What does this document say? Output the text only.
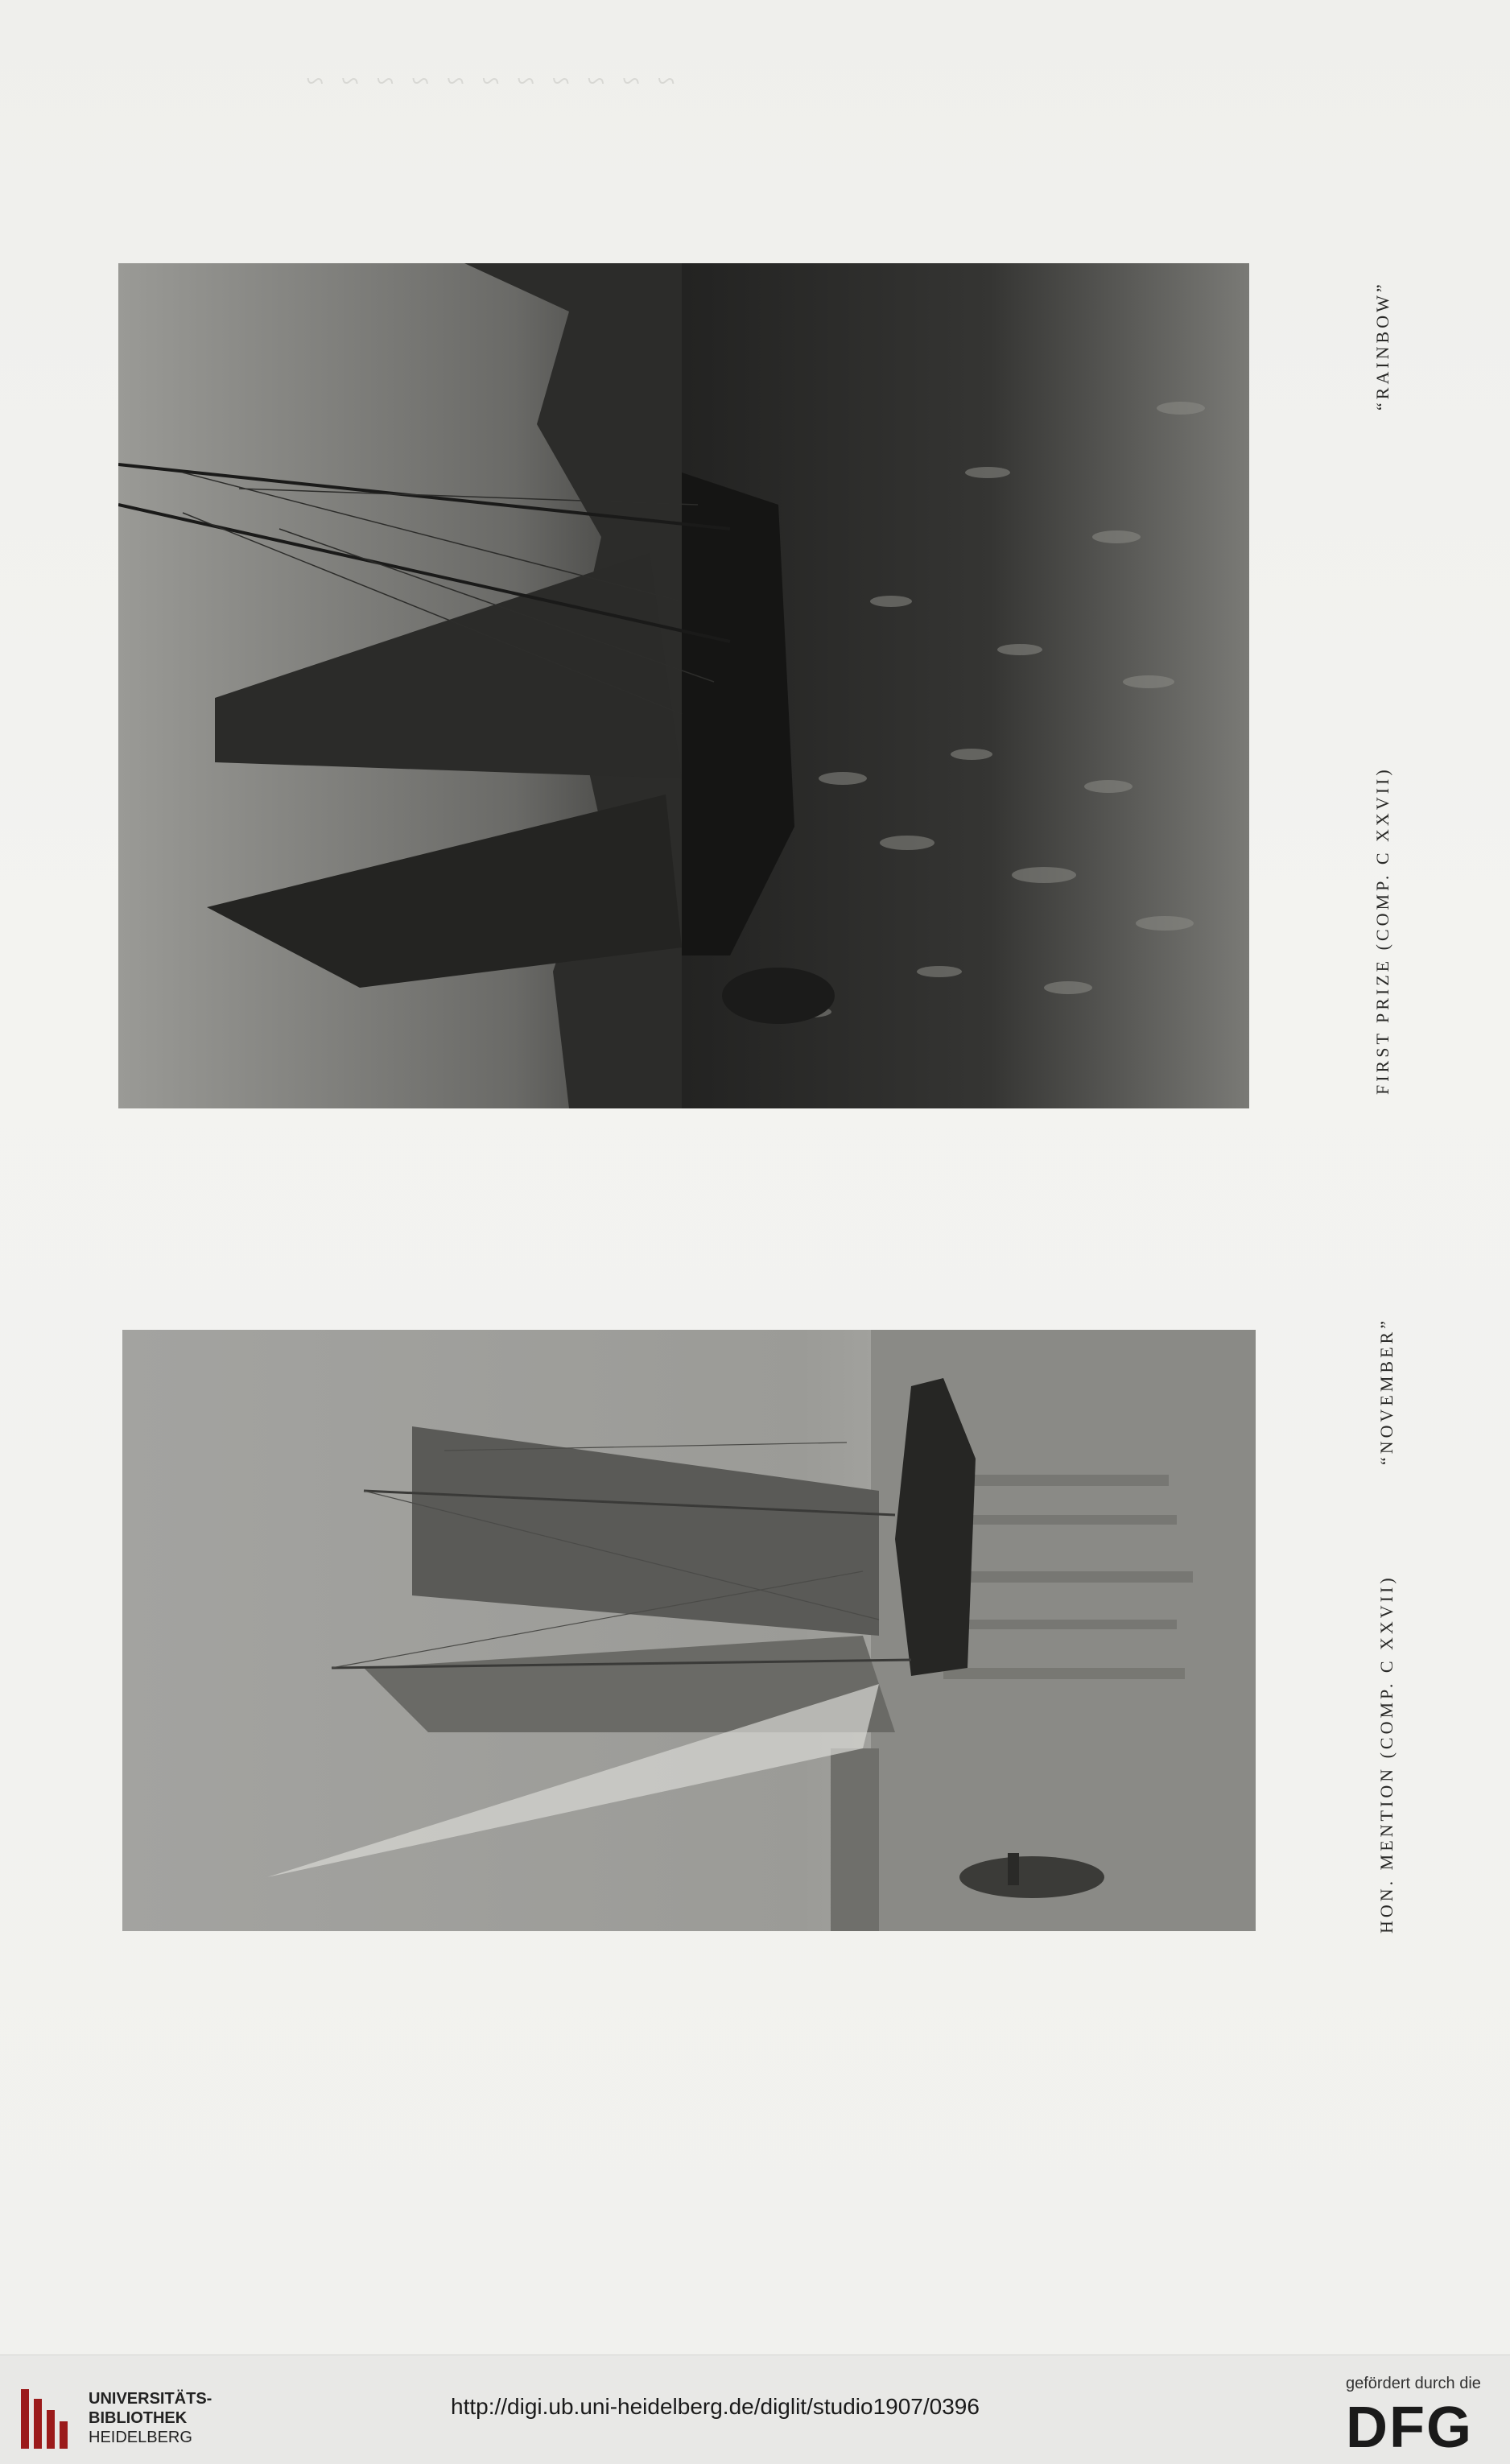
~ ~ ~ ~ ~ ~ ~ ~ ~ ~ ~
FIRST PRIZE (COMP. C XXVII)
“RAINBOW”
HON. MENTION (COMP. C XXVII)
“NOVEMBER”
UNIVERSITÄTS-
BIBLIOTHEK
HEIDELBERG
http://digi.ub.uni-heidelberg.de/diglit/studio1907/0396
gefördert durch die
DFG
